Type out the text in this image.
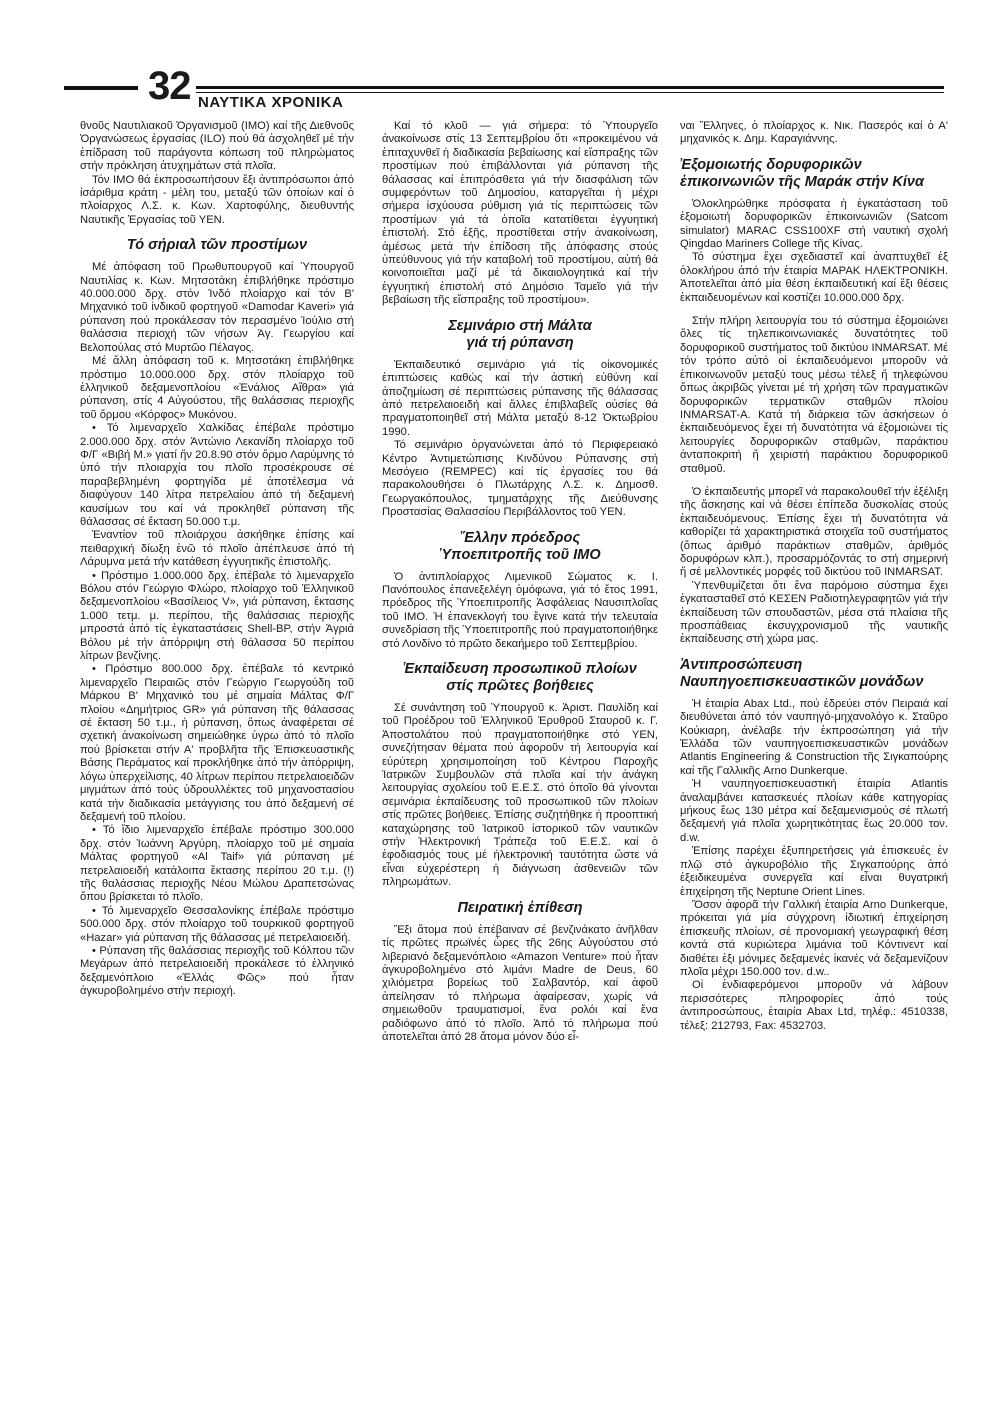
32 ΝΑΥΤΙΚΑ ΧΡΟΝΙΚΑ

θνοῦς Ναυτιλιακοῦ Ὀργανισμοῦ (ΙΜΟ) καί τῆς Διεθνοῦς Ὀργανώσεως ἐργασίας (ILO) πού θά ἀσχοληθεῖ μέ τήν ἐπίδραση τοῦ παράγοντα κόπωση τοῦ πληρώματος στήν πρόκληση ἀτυχημάτων στά πλοῖα.

Τόν IMO θά ἐκπροσωπήσουν ἕξι ἀντιπρόσωποι ἀπό ἰσάριθμα κράτη - μέλη του, μεταξύ τῶν ὁποίων καί ὁ πλοίαρχος Λ.Σ. κ. Κων. Χαρτοφύλης, διευθυντής Ναυτικῆς Ἐργασίας τοῦ ΥΕΝ.

Τό σήριαλ τῶν προστίμων

Μέ ἀπόφαση τοῦ Πρωθυπουργοῦ καί Ὑπουργοῦ Ναυτιλίας κ. Κων. Μητσοτάκη ἐπιβλήθηκε πρόστιμο 40.000.000 δρχ. στόν Ἰνδό πλοίαρχο καί τόν Β' Μηχανικό τοῦ ἰνδικοῦ φορτηγοῦ «Damodar Kaveri» γιά ρύπανση πού προκάλεσαν τόν περασμένο Ἰούλιο στή θαλάσσια περιοχή τῶν νήσων Ἁγ. Γεωργίου καί Βελοπούλας στό Μυρτῶο Πέλαγος.

Μέ ἄλλη ἀπόφαση τοῦ κ. Μητσοτάκη ἐπιβλήθηκε πρόστιμο 10.000.000 δρχ. στόν πλοίαρχο τοῦ ἑλληνικοῦ δεξαμενοπλοίου «Ἐνάλιος Αἴθρα» γιά ρύπανση, στίς 4 Αὐγούστου, τῆς θαλάσσιας περιοχῆς τοῦ ὅρμου «Κόρφος» Μυκόνου.

• Τό λιμεναρχεῖο Χαλκίδας ἐπέβαλε πρόστιμο 2.000.000 δρχ. στόν Ἀντώνιο Λεκανίδη πλοίαρχο τοῦ Φ/Γ «Βιβή Μ.» γιατί ἤν 20.8.90 στόν ὅρμο Λαρύμνης τό ὑπό τήν πλοιαρχία του πλοῖο προσέκρουσε σέ παραβεβλημένη φορτηγίδα μέ ἀποτέλεσμα νά διαφύγουν 140 λίτρα πετρελαίου ἀπό τή δεξαμενή καυσίμων του καί νά προκληθεῖ ρύπανση τῆς θάλασσας σέ ἔκταση 50.000 τ.μ.

Ἐναντίον τοῦ πλοιάρχου ἀσκήθηκε ἐπίσης καί πειθαρχική δίωξη ἐνῶ τό πλοῖο ἀπέπλευσε ἀπό τή Λάρυμνα μετά τήν κατάθεση ἐγγυητικῆς ἐπιστολῆς.

• Πρόστιμο 1.000.000 δρχ. ἐπέβαλε τό λιμεναρχεῖο Βόλου στόν Γεώργιο Φλώρο, πλοίαρχο τοῦ Ἑλληνικοῦ δεξαμενοπλοίου «Βασίλειος V», γιά ρύπανση, ἔκτασης 1.000 τετμ. μ. περίπου, τῆς θαλάσσιας περιοχῆς μπροστά ἀπό τίς ἐγκαταστάσεις Shell-BP, στήν Ἀγριά Βόλου μέ τήν ἀπόρριψη στή θάλασσα 50 περίπου λίτρων βενζίνης.

• Πρόστιμο 800.000 δρχ. ἐπέβαλε τό κεντρικό λιμεναρχεῖο Πειραιῶς στόν Γεώργιο Γεωργούδη τοῦ Μάρκου Β' Μηχανικό του μέ σημαία Μάλτας Φ/Γ πλοίου «Δημήτριος GR» γιά ρύπανση τῆς θάλασσας σέ ἔκταση 50 τ.μ., ἡ ρύπανση, ὅπως ἀναφέρεται σέ σχετική ἀνακοίνωση σημειώθηκε ὑγρω ἀπό τό πλοῖο πού βρίσκεται στήν Α' προβλῆτα τῆς Ἐπισκευαστικῆς Βάσης Περάματος καί προκλήθηκε ἀπό τήν ἀπόρριψη, λόγω ὑπερχείλισης, 40 λίτρων περίπου πετρελαιοειδῶν μιγμάτων ἀπό τούς ὑδρουλλέκτες τοῦ μηχανοστασίου κατά τήν διαδικασία μετάγγισης του ἀπό δεξαμενή σέ δεξαμενή τοῦ πλοίου.

• Τό ἴδιο λιμεναρχεῖο ἐπέβαλε πρόστιμο 300.000 δρχ. στόν Ἰωάννη Ἀργύρη, πλοίαρχο τοῦ μέ σημαία Μάλτας φορτηγοῦ «Al Taif» γιά ρύπανση μέ πετρελαιοειδή κατάλοιπα ἔκτασης περίπου 20 τ.μ. (!) τῆς θαλάσσιας περιοχῆς Νέου Μώλου Δραπετσώνας ὅπου βρίσκεται τό πλοῖο.

• Τό λιμεναρχεῖο Θεσσαλονίκης ἐπέβαλε πρόστιμο 500.000 δρχ. στόν πλοίαρχο τοῦ τουρκικοῦ φορτηγοῦ «Hazar» γιά ρύπανση τῆς θάλασσας μέ πετρελαιοειδή.

• Ρύπανση τῆς θαλάσσιας περιοχῆς τοῦ Κόλπου τῶν Μεγάρων ἀπό πετρελαιοειδή προκάλεσε τό ἑλληνικό δεξαμενόπλοιο «Ἑλλάς Φῶς» πού ἦταν ἀγκυροβολημένο στήν περιοχή.

Καί τό κλοῦ — γιά σήμερα: τό Ὑπουργεῖο ἀνακοίνωσε στίς 13 Σεπτεμβρίου ὅτι «προκειμένου νά ἐπιταχυνθεῖ ἡ διαδικασία βεβαίωσης καί εἴσπραξης τῶν προστίμων πού ἐπιβάλλονται γιά ρύπανση τῆς θάλασσας καί ἐπιπρόσθετα γιά τήν διασφάλιση τῶν συμφερόντων τοῦ Δημοσίου, καταργεῖται ἡ μέχρι σήμερα ἰσχύουσα ρύθμιση γιά τίς περιπτώσεις τῶν προστίμων γιά τά ὁποῖα κατατίθεται ἐγγυητική ἐπιστολή. Στό ἑξῆς, προστίθεται στήν ἀνακοίνωση, ἀμέσως μετά τήν ἐπίδοση τῆς ἀπόφασης στούς ὑπεύθυνους γιά τήν καταβολή τοῦ προστίμου, αὐτή θά κοινοποιεῖται μαζί μέ τά δικαιολογητικά καί τήν ἐγγυητική ἐπιστολή στό Δημόσιο Ταμεῖο γιά τήν βεβαίωση τῆς εἴσπραξης τοῦ προστίμου».

Σεμινάριο στή Μάλτα
γιά τή ρύπανση

Ἐκπαιδευτικό σεμινάριο γιά τίς οἰκονομικές ἐπιπτώσεις καθώς καί τήν ἀστική εὐθύνη καί ἀποζημίωση σέ περιπτώσεις ρύπανσης τῆς θάλασσας ἀπό πετρελαιοειδή καί ἄλλες ἐπιβλαβεῖς οὐσίες θά πραγματοποιηθεῖ στή Μάλτα μεταξύ 8-12 Ὀκτωβρίου 1990.

Τό σεμινάριο ὀργανώνεται ἀπό τό Περιφερειακό Κέντρο Ἀντιμετώπισης Κινδύνου Ρύπανσης στή Μεσόγειο (REMPEC) καί τίς ἐργασίες του θά παρακολουθήσει ὁ Πλωτάρχης Λ.Σ. κ. Δημοσθ. Γεωργακόπουλος, τμηματάρχης τῆς Διεύθυνσης Προστασίας Θαλασσίου Περιβάλλοντος τοῦ ΥΕΝ.

Ἕλλην πρόεδρος
Ὑποεπιτροπῆς τοῦ ΙΜΟ

Ὁ ἀντιπλοίαρχος Λιμενικοῦ Σώματος κ. Ι. Πανόπουλος ἐπανεξελέγη ὁμόφωνα, γιά τό ἔτος 1991, πρόεδρος τῆς Ὑποεπιτροπῆς Ἀσφάλειας Ναυσιπλοΐας τοῦ IMO. Ἡ ἐπανεκλογή του ἔγινε κατά τήν τελευταία συνεδρίαση τῆς Ὑποεπιτροπῆς πού πραγματοποιήθηκε στό Λονδίνο τό πρῶτο δεκαήμερο τοῦ Σεπτεμβρίου.

Ἐκπαίδευση προσωπικοῦ πλοίων
στίς πρῶτες βοήθειες

Σέ συνάντηση τοῦ Ὑπουργοῦ κ. Ἀριστ. Παυλίδη καί τοῦ Προέδρου τοῦ Ἑλληνικοῦ Ἐρυθροῦ Σταυροῦ κ. Γ. Ἀποστολάτου πού πραγματοποιήθηκε στό ΥΕΝ, συνεζήτησαν θέματα πού ἀφοροῦν τή λειτουργία καί εὐρύτερη χρησιμοποίηση τοῦ Κέντρου Παροχῆς Ἰατρικῶν Συμβουλῶν στά πλοῖα καί τήν ἀνάγκη λειτουργίας σχολείου τοῦ Ε.Ε.Σ. στό ὁποῖο θά γίνονται σεμινάρια ἐκπαίδευσης τοῦ προσωπικοῦ τῶν πλοίων στίς πρῶτες βοήθειες. Ἐπίσης συζητήθηκε ἡ προοπτική καταχώρησης τοῦ Ἰατρικοῦ ἱστορικοῦ τῶν ναυτικῶν στήν Ἠλεκτρονική Τράπεζα τοῦ Ε.Ε.Σ. καί ὁ ἐφοδιασμός τους μέ ἠλεκτρονική ταυτότητα ὥστε νά εἶναι εὐχερέστερη ἡ διάγνωση ἀσθενειῶν τῶν πληρωμάτων.

Πειρατική ἐπίθεση

Ἕξι ἄτομα πού ἐπέβαιναν σέ βενζινάκατο ἀνῆλθαν τίς πρῶτες πρωϊνές ὧρες τῆς 26ης Αὐγούστου στό λιβεριανό δεξαμενόπλοιο «Amazon Venture» πού ἦταν ἀγκυροβολημένο στό λιμάνι Madre de Deus, 60 χιλιόμετρα βορείως τοῦ Σαλβαντόρ, καί ἀφοῦ ἀπείλησαν τό πλήρωμα ἀφαίρεσαν, χωρίς νά σημειωθοῦν τραυματισμοί, ἕνα ρολόι καί ἕνα ραδιόφωνο ἀπό τό πλοῖο. Ἀπό τό πλήρωμα πού ἀποτελεῖται ἀπό 28 ἄτομα μόνον δύο εἶ-

ναι Ἕλληνες, ὁ πλοίαρχος κ. Νικ. Πασερός καί ὁ Α' μηχανικός κ. Δημ. Καραγιάννης.

Ἐξομοιωτής δορυφορικῶν ἐπικοινωνιῶν τῆς Μαράκ στήν Κίνα

Ὁλοκληρώθηκε πρόσφατα ἡ ἐγκατάσταση τοῦ ἐξομοιωτή δορυφορικῶν ἐπικοινωνιῶν (Satcom simulator) MARAC CSS100XF στή ναυτική σχολή Qingdao Mariners College τῆς Κίνας.

Τό σύστημα ἔχει σχεδιαστεῖ καί ἀναπτυχθεῖ ἐξ ὁλοκλήρου ἀπό τήν ἑταιρία MAPAK ΗΛΕΚΤΡΟΝΙΚΗ. Ἀποτελεῖται ἀπό μία θέση ἐκπαιδευτική καί ἕξι θέσεις ἐκπαιδευομένων καί κοστίζει 10.000.000 δρχ.

Στήν πλήρη λειτουργία του τό σύστημα ἐξομοιώνει ὅλες τίς τηλεπικοινωνιακές δυνατότητες τοῦ δορυφορικοῦ συστήματος τοῦ δικτύου INMARSAT. Μέ τόν τρόπο αὐτό οἱ ἐκπαιδευόμενοι μποροῦν νά ἐπικοινωνοῦν μεταξύ τους μέσω τέλεξ ἤ τηλεφώνου ὅπως ἀκριβῶς γίνεται μέ τή χρήση τῶν πραγματικῶν δορυφορικῶν τερματικῶν σταθμῶν πλοίου INMARSAT-A. Κατά τή διάρκεια τῶν ἀσκήσεων ὁ ἐκπαιδευόμενος ἔχει τή δυνατότητα νά ἐξομοιώνει τίς λειτουργίες δορυφορικῶν σταθμῶν, παράκτιου ἀνταποκριτή ἤ χειριστή παράκτιου δορυφορικοῦ σταθμοῦ.

Ὁ ἐκπαιδευτής μπορεῖ νά παρακολουθεῖ τήν ἐξέλιξη τῆς ἄσκησης καί νά θέσει ἐπίπεδα δυσκολίας στούς ἐκπαιδευόμενους. Ἐπίσης ἔχει τή δυνατότητα νά καθορίζει τά χαρακτηριστικά στοιχεῖα τοῦ συστήματος (ὅπως ἀριθμό παράκτιων σταθμῶν, ἀριθμός δορυφόρων κλπ.), προσαρμόζοντάς το στή σημερινή ἤ σέ μελλοντικές μορφές τοῦ δικτύου τοῦ INMARSAT.

Ὑπενθυμίζεται ὅτι ἕνα παρόμοιο σύστημα ἔχει ἐγκατασταθεῖ στό ΚΕΣΕΝ Ραδιοτηλεγραφητῶν γιά τήν ἐκπαίδευση τῶν σπουδαστῶν, μέσα στά πλαίσια τῆς προσπάθειας ἐκσυγχρονισμοῦ τῆς ναυτικῆς ἐκπαίδευσης στή χώρα μας.

Ἀντιπροσώπευση Ναυπηγοεπισκευαστικῶν μονάδων

Ἡ ἑταιρία Abax Ltd., πού ἑδρεύει στόν Πειραιά καί διευθύνεται ἀπό τόν ναυπηγό-μηχανολόγο κ. Σταῦρο Κούκιαρη, ἀνέλαβε τήν ἐκπροσώπηση γιά τήν Ἑλλάδα τῶν ναυπηγοεπισκευαστικῶν μονάδων Atlantis Engineering & Construction τῆς Σιγκαπούρης καί τῆς Γαλλικῆς Arno Dunkerque.

Ἡ ναυπηγοεπισκευαστική ἑταιρία Atlantis ἀναλαμβάνει κατασκευές πλοίων κάθε κατηγορίας μήκους ἕως 130 μέτρα καί δεξαμενισμούς σέ πλωτή δεξαμενή γιά πλοῖα χωρητικότητας ἕως 20.000 τον. d.w.

Ἐπίσης παρέχει ἐξυπηρετήσεις γιά ἐπισκευές ἐν πλῷ στό ἀγκυροβόλιο τῆς Σιγκαπούρης ἀπό ἐξειδικευμένα συνεργεῖα καί εἶναι θυγατρική ἐπιχείρηση τῆς Neptune Orient Lines.

Ὅσον ἀφορᾶ τήν Γαλλική ἑταιρία Arno Dunkerque, πρόκειται γιά μία σύγχρονη ἰδιωτική ἐπιχείρηση ἐπισκευῆς πλοίων, σέ προνομιακή γεωγραφική θέση κοντά στά κυριώτερα λιμάνια τοῦ Κόντινεντ καί διαθέτει ἐξι μόνιμες δεξαμενές ἱκανές νά δεξαμενίζουν πλοῖα μέχρι 150.000 τον. d.w..

Οἱ ἐνδιαφερόμενοι μποροῦν νά λάβουν περισσότερες πληροφορίες ἀπό τούς ἀντιπροσώπους, ἑταιρία Abax Ltd, τηλέφ.: 4510338, τέλεξ: 212793, Fax: 4532703.
